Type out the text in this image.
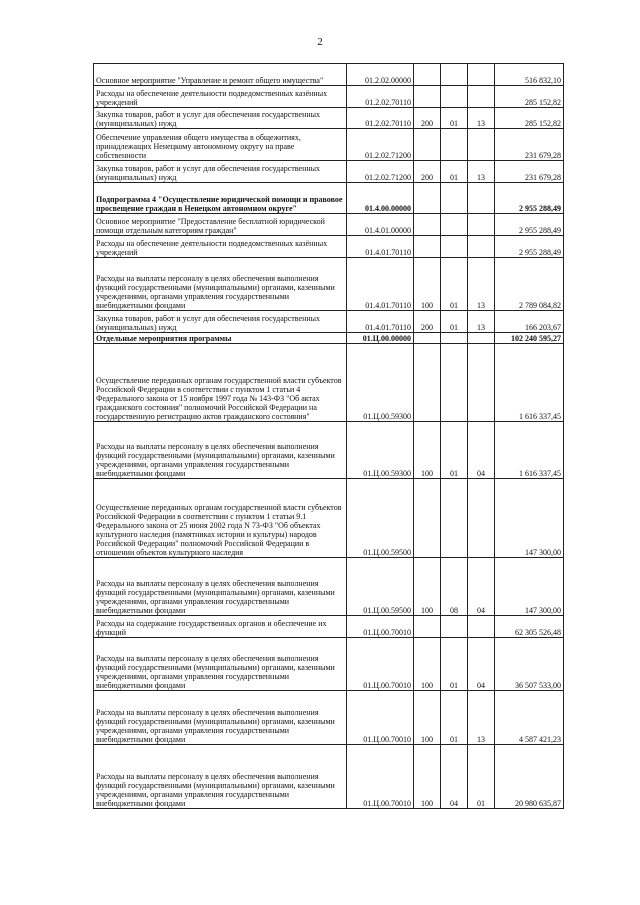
2
Основное мероприятие "Управление и ремонт общего имущества"	01.2.02.00000				516 832,10
Расходы на обеспечение деятельности подведомственных казённых учреждений	01.2.02.70110				285 152,82
Закупка товаров, работ и услуг для обеспечения государственных (муниципальных) нужд	01.2.02.70110	200	01	13	285 152,82
Обеспечение управления общего имущества в общежитиях, принадлежащих Ненецкому автономному округу на праве собственности	01.2.02.71200				231 679,28
Закупка товаров, работ и услуг для обеспечения государственных (муниципальных) нужд	01.2.02.71200	200	01	13	231 679,28
Подпрограмма 4 "Осуществление юридической помощи и правовое просвещение граждан в Ненецком автономном округе"	01.4.00.00000				2 955 288,49
Основное мероприятие "Предоставление бесплатной юридической помощи отдельным категориям граждан"	01.4.01.00000				2 955 288,49
Расходы на обеспечение деятельности подведомственных казённых учреждений	01.4.01.70110				2 955 288,49
Расходы на выплаты персоналу в целях обеспечения выполнения функций государственными (муниципальными) органами, казенными учреждениями, органами управления государственными внебюджетными фондами	01.4.01.70110	100	01	13	2 789 084,82
Закупка товаров, работ и услуг для обеспечения государственных (муниципальных) нужд	01.4.01.70110	200	01	13	166 203,67
Отдельные мероприятия программы	01.Ц.00.00000				102 240 595,27
Осуществление переданных органам государственной власти субъектов Российской Федерации в соответствии с пунктом 1 статьи 4 Федерального закона от 15 ноября 1997 года № 143-ФЗ "Об актах гражданского состояния" полномочий Российской Федерации на государственную регистрацию актов гражданского состояния"	01.Ц.00.59300				1 616 337,45
Расходы на выплаты персоналу в целях обеспечения выполнения функций государственными (муниципальными) органами, казенными учреждениями, органами управления государственными внебюджетными фондами	01.Ц.00.59300	100	01	04	1 616 337,45
Осуществление переданных органам государственной власти субъектов Российской Федерации в соответствии с пунктом 1 статьи 9.1 Федерального закона от 25 июня 2002 года N 73-ФЗ "Об объектах культурного наследия (памятниках истории и культуры) народов Российской Федерации" полномочий Российской Федерации в отношении объектов культурного наследия	01.Ц.00.59500				147 300,00
Расходы на выплаты персоналу в целях обеспечения выполнения функций государственными (муниципальными) органами, казенными учреждениями, органами управления государственными внебюджетными фондами	01.Ц.00.59500	100	08	04	147 300,00
Расходы на содержание государственных органов и обеспечение их функций	01.Ц.00.70010				62 305 526,48
Расходы на выплаты персоналу в целях обеспечения выполнения функций государственными (муниципальными) органами, казенными учреждениями, органами управления государственными внебюджетными фондами	01.Ц.00.70010	100	01	04	36 507 533,00
Расходы на выплаты персоналу в целях обеспечения выполнения функций государственными (муниципальными) органами, казенными учреждениями, органами управления государственными внебюджетными фондами	01.Ц.00.70010	100	01	13	4 587 421,23
Расходы на выплаты персоналу в целях обеспечения выполнения функций государственными (муниципальными) органами, казенными учреждениями, органами управления государственными внебюджетными фондами	01.Ц.00.70010	100	04	01	20 980 635,87
